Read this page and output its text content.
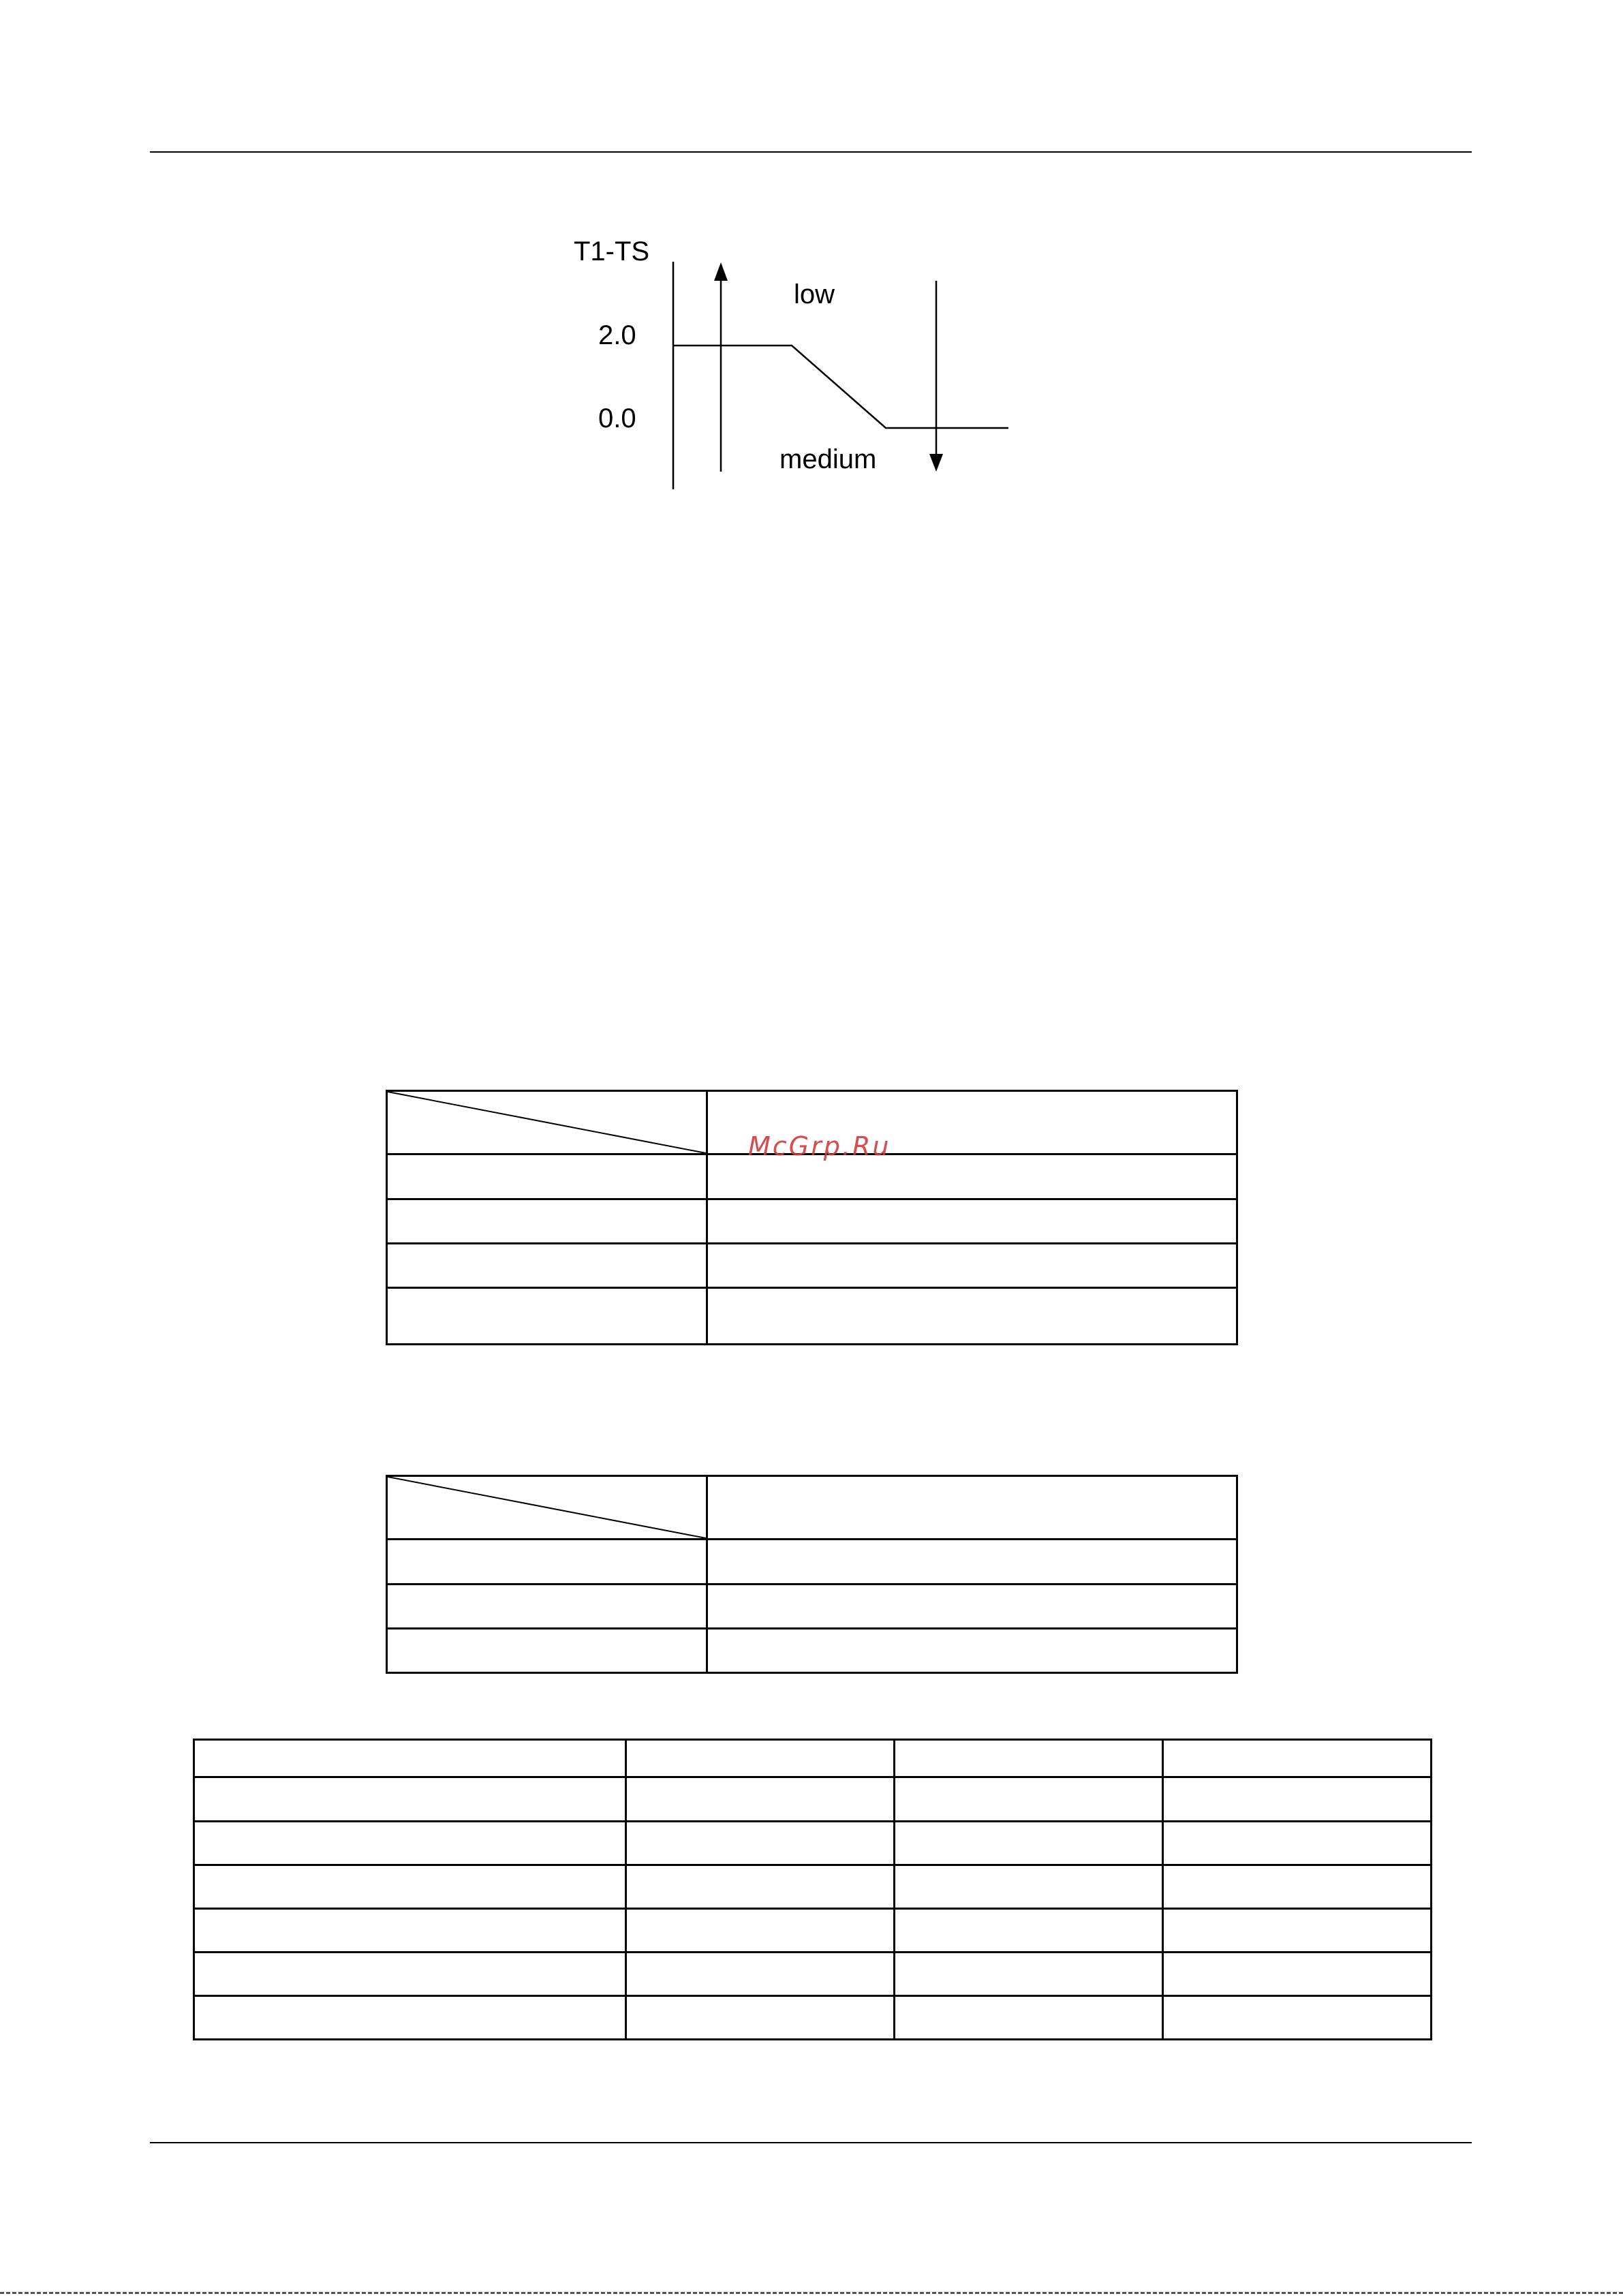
T1-TS
2.0
0.0
low
medium

McGrp.Ru
